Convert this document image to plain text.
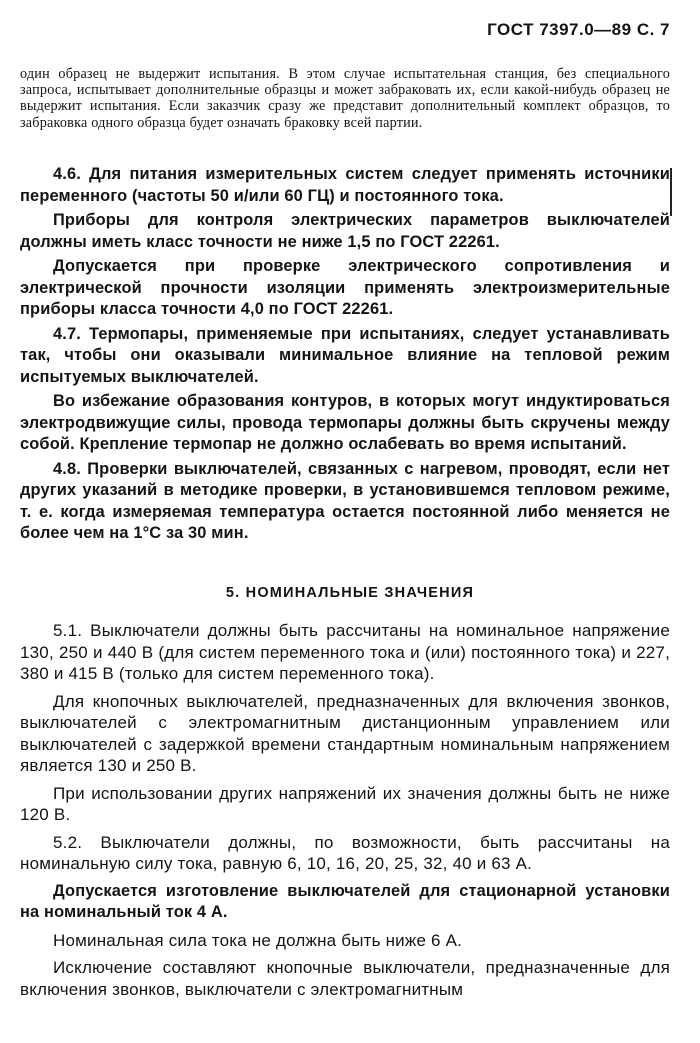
ГОСТ 7397.0—89 С. 7

один образец не выдержит испытания. В этом случае испытательная станция, без специального запроса, испытывает дополнительные образцы и может забраковать их, если какой-нибудь образец не выдержит испытания. Если заказчик сразу же представит дополнительный комплект образцов, то забраковка одного образца будет означать браковку всей партии.

4.6. Для питания измерительных систем следует применять источники переменного (частоты 50 и/или 60 ГЦ) и постоянного тока.

Приборы для контроля электрических параметров выключателей должны иметь класс точности не ниже 1,5 по ГОСТ 22261.

Допускается при проверке электрического сопротивления и электрической прочности изоляции применять электроизмерительные приборы класса точности 4,0 по ГОСТ 22261.

4.7. Термопары, применяемые при испытаниях, следует устанавливать так, чтобы они оказывали минимальное влияние на тепловой режим испытуемых выключателей.

Во избежание образования контуров, в которых могут индуктироваться электродвижущие силы, провода термопары должны быть скручены между собой. Крепление термопар не должно ослабевать во время испытаний.

4.8. Проверки выключателей, связанных с нагревом, проводят, если нет других указаний в методике проверки, в установившемся тепловом режиме, т. е. когда измеряемая температура остается постоянной либо меняется не более чем на 1°С за 30 мин.

5. НОМИНАЛЬНЫЕ ЗНАЧЕНИЯ

5.1. Выключатели должны быть рассчитаны на номинальное напряжение 130, 250 и 440 В (для систем переменного тока и (или) постоянного тока) и 227, 380 и 415 В (только для систем переменного тока).

Для кнопочных выключателей, предназначенных для включения звонков, выключателей с электромагнитным дистанционным управлением или выключателей с задержкой времени стандартным номинальным напряжением является 130 и 250 В.

При использовании других напряжений их значения должны быть не ниже 120 В.

5.2. Выключатели должны, по возможности, быть рассчитаны на номинальную силу тока, равную 6, 10, 16, 20, 25, 32, 40 и 63 А.

Допускается изготовление выключателей для стационарной установки на номинальный ток 4 А.

Номинальная сила тока не должна быть ниже 6 А.

Исключение составляют кнопочные выключатели, предназначенные для включения звонков, выключатели с электромагнитным
